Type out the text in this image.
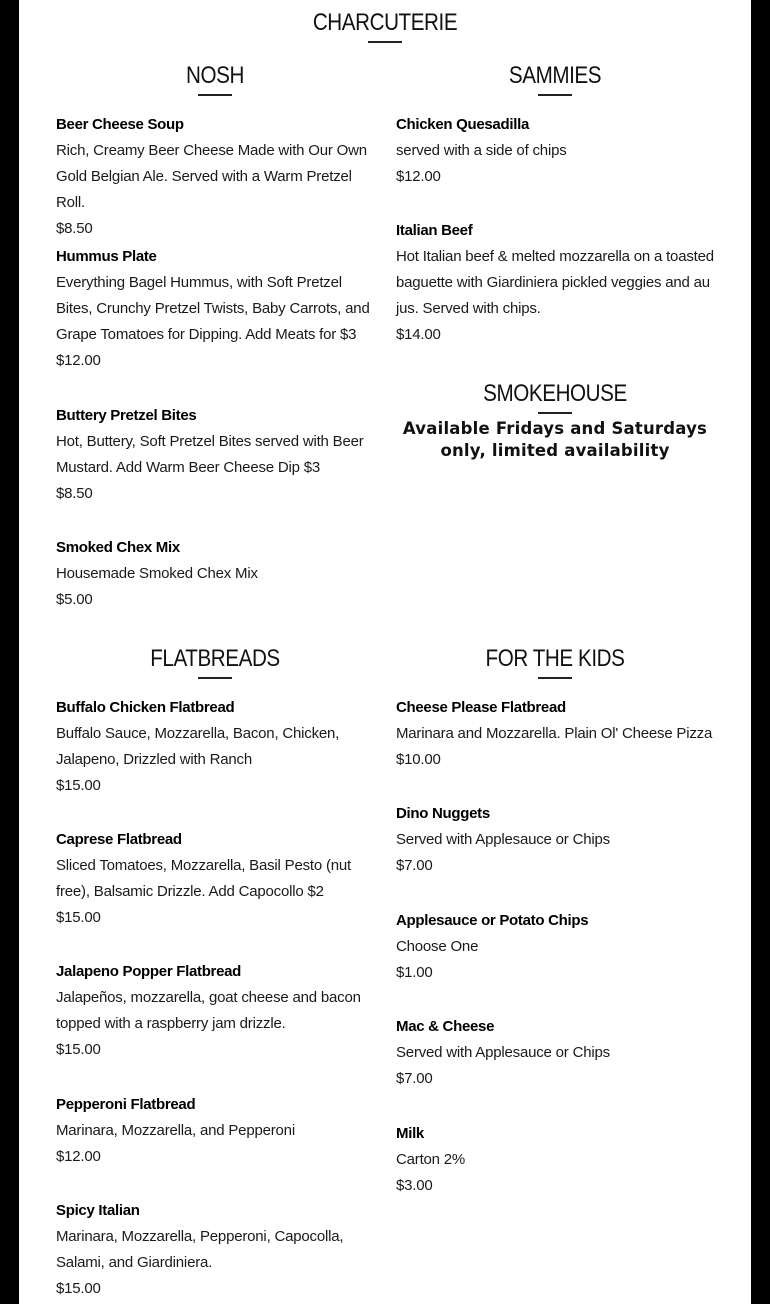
CHARCUTERIE
NOSH
Beer Cheese Soup
Rich, Creamy Beer Cheese Made with Our Own Gold Belgian Ale. Served with a Warm Pretzel Roll.
$8.50
Hummus Plate
Everything Bagel Hummus, with Soft Pretzel Bites, Crunchy Pretzel Twists, Baby Carrots, and Grape Tomatoes for Dipping. Add Meats for $3
$12.00
Buttery Pretzel Bites
Hot, Buttery, Soft Pretzel Bites served with Beer Mustard. Add Warm Beer Cheese Dip $3
$8.50
Smoked Chex Mix
Housemade Smoked Chex Mix
$5.00
SAMMIES
Chicken Quesadilla
served with a side of chips
$12.00
Italian Beef
Hot Italian beef & melted mozzarella on a toasted baguette with Giardiniera pickled veggies and au jus. Served with chips.
$14.00
SMOKEHOUSE
Available Fridays and Saturdays
only, limited availability
FLATBREADS
Buffalo Chicken Flatbread
Buffalo Sauce, Mozzarella, Bacon, Chicken, Jalapeno, Drizzled with Ranch
$15.00
Caprese Flatbread
Sliced Tomatoes, Mozzarella, Basil Pesto (nut free), Balsamic Drizzle. Add Capocollo $2
$15.00
Jalapeno Popper Flatbread
Jalapeños, mozzarella, goat cheese and bacon topped with a raspberry jam drizzle.
$15.00
Pepperoni Flatbread
Marinara, Mozzarella, and Pepperoni
$12.00
Spicy Italian
Marinara, Mozzarella, Pepperoni, Capocolla, Salami, and Giardiniera.
$15.00
FOR THE KIDS
Cheese Please Flatbread
Marinara and Mozzarella. Plain Ol' Cheese Pizza
$10.00
Dino Nuggets
Served with Applesauce or Chips
$7.00
Applesauce or Potato Chips
Choose One
$1.00
Mac & Cheese
Served with Applesauce or Chips
$7.00
Milk
Carton 2%
$3.00
